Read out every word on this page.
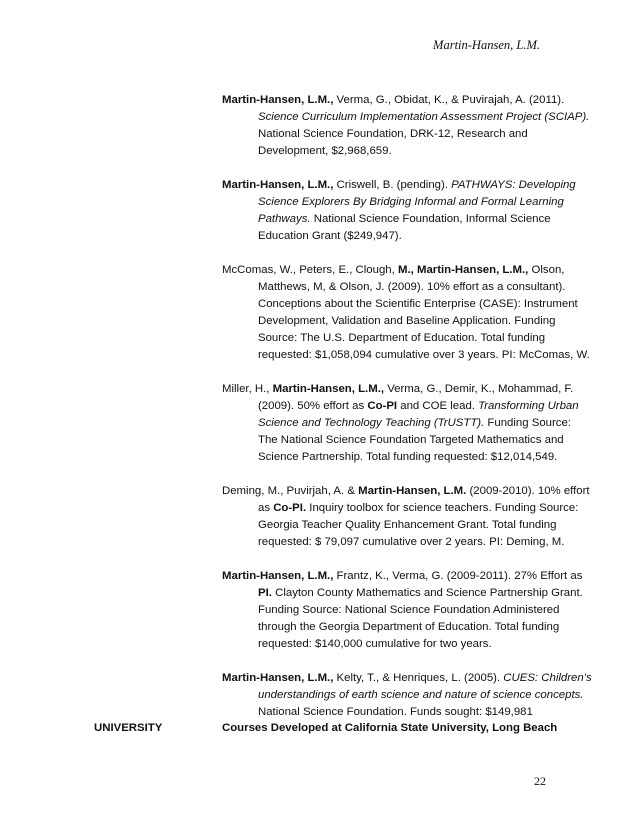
Martin-Hansen, L.M.

Martin-Hansen, L.M., Verma, G., Obidat, K., & Puvirajah, A. (2011). Science Curriculum Implementation Assessment Project (SCIAP). National Science Foundation, DRK-12, Research and Development, $2,968,659.

Martin-Hansen, L.M., Criswell, B. (pending). PATHWAYS: Developing Science Explorers By Bridging Informal and Formal Learning Pathways. National Science Foundation, Informal Science Education Grant ($249,947).

McComas, W., Peters, E., Clough, M., Martin-Hansen, L.M., Olson, Matthews, M, & Olson, J. (2009). 10% effort as a consultant). Conceptions about the Scientific Enterprise (CASE): Instrument Development, Validation and Baseline Application. Funding Source: The U.S. Department of Education. Total funding requested: $1,058,094 cumulative over 3 years. PI: McComas, W.

Miller, H., Martin-Hansen, L.M., Verma, G., Demir, K., Mohammad, F. (2009). 50% effort as Co-PI and COE lead. Transforming Urban Science and Technology Teaching (TrUSTT). Funding Source: The National Science Foundation Targeted Mathematics and Science Partnership. Total funding requested: $12,014,549.

Deming, M., Puvirjah, A. & Martin-Hansen, L.M. (2009-2010). 10% effort as Co-PI. Inquiry toolbox for science teachers. Funding Source: Georgia Teacher Quality Enhancement Grant. Total funding requested: $ 79,097 cumulative over 2 years. PI: Deming, M.

Martin-Hansen, L.M., Frantz, K., Verma, G. (2009-2011). 27% Effort as PI. Clayton County Mathematics and Science Partnership Grant. Funding Source: National Science Foundation Administered through the Georgia Department of Education. Total funding requested: $140,000 cumulative for two years.

Martin-Hansen, L.M., Kelty, T., & Henriques, L. (2005). CUES: Children’s understandings of earth science and nature of science concepts. National Science Foundation. Funds sought: $149,981

UNIVERSITY	Courses Developed at California State University, Long Beach
22
